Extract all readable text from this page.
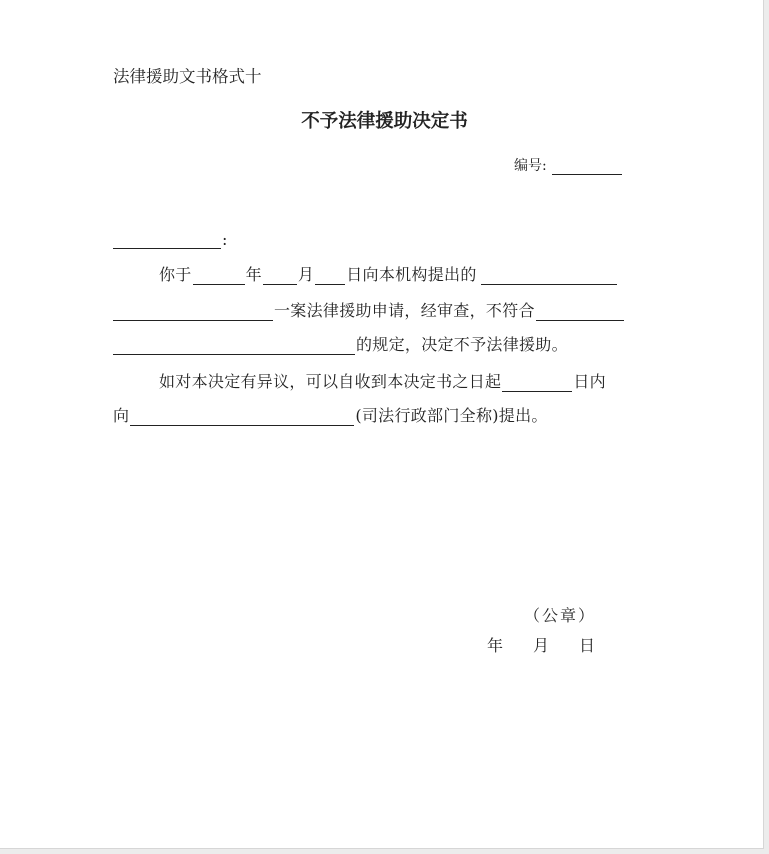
法律援助文书格式十
不予法律援助决定书
编号:
:
你于	年 月 日向本机构提出的
一案法律援助申请，经审查，不符合
的规定，决定不予法律援助。
如对本决定有异议，可以自收到本决定书之日起	日内
向	(司法行政部门全称)提出。
（公章）
年 月 日
